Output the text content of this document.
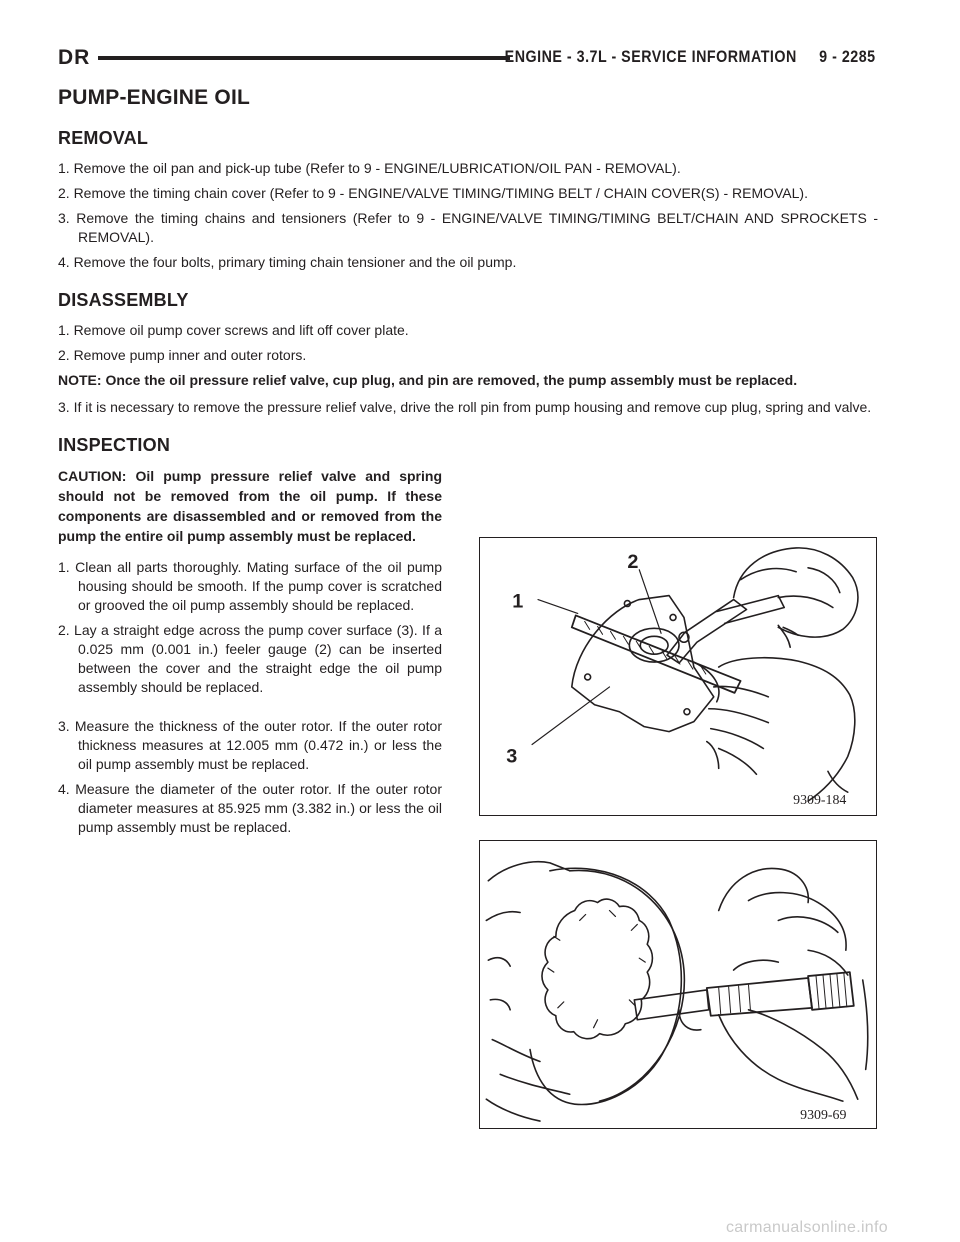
DR	ENGINE - 3.7L - SERVICE INFORMATION     9 - 2285
PUMP-ENGINE OIL
REMOVAL

1. Remove the oil pan and pick-up tube (Refer to 9 - ENGINE/LUBRICATION/OIL PAN - REMOVAL).

2. Remove the timing chain cover (Refer to 9 - ENGINE/VALVE TIMING/TIMING BELT / CHAIN COVER(S) - REMOVAL).

3. Remove the timing chains and tensioners (Refer to 9 - ENGINE/VALVE TIMING/TIMING BELT/CHAIN AND SPROCKETS - REMOVAL).

4. Remove the four bolts, primary timing chain tensioner and the oil pump.

DISASSEMBLY

1. Remove oil pump cover screws and lift off cover plate.

2. Remove pump inner and outer rotors.

NOTE: Once the oil pressure relief valve, cup plug, and pin are removed, the pump assembly must be replaced.

3. If it is necessary to remove the pressure relief valve, drive the roll pin from pump housing and remove cup plug, spring and valve.

INSPECTION

CAUTION: Oil pump pressure relief valve and spring should not be removed from the oil pump. If these components are disassembled and or removed from the pump the entire oil pump assembly must be replaced.

1. Clean all parts thoroughly. Mating surface of the oil pump housing should be smooth. If the pump cover is scratched or grooved the oil pump assembly should be replaced.

2. Lay a straight edge across the pump cover surface (3). If a 0.025 mm (0.001 in.) feeler gauge (2) can be inserted between the cover and the straight edge the oil pump assembly should be replaced.

3. Measure the thickness of the outer rotor. If the outer rotor thickness measures at 12.005 mm (0.472 in.) or less the oil pump assembly must be replaced.

4. Measure the diameter of the outer rotor. If the outer rotor diameter measures at 85.925 mm (3.382 in.) or less the oil pump assembly must be replaced.

1
2
3
9309-184
9309-69
carmanualsonline.info
